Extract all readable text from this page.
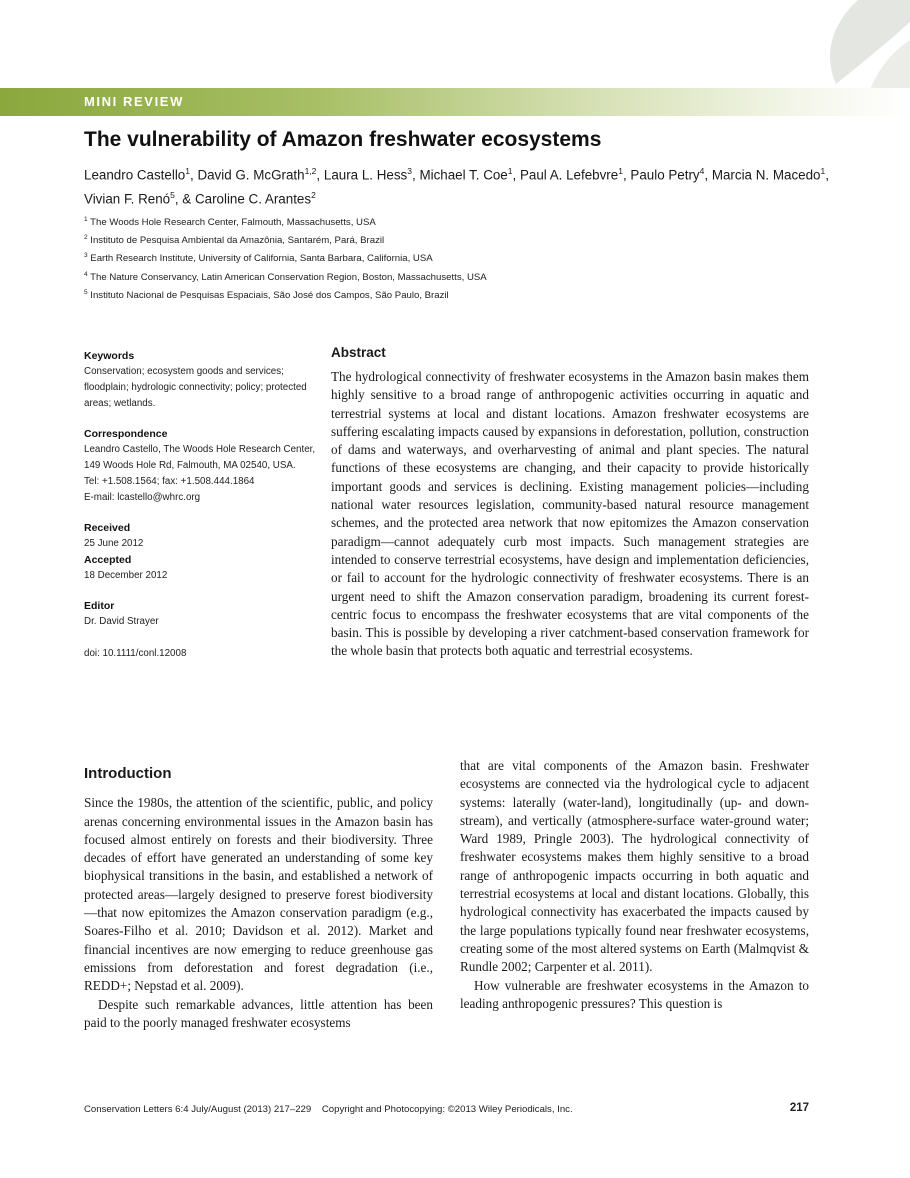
MINI REVIEW
The vulnerability of Amazon freshwater ecosystems

Leandro Castello$^1$, David G. McGrath$^{1,2}$, Laura L. Hess$^3$, Michael T. Coe$^1$, Paul A. Lefebvre$^1$, Paulo Petry$^4$, Marcia N. Macedo$^1$, Vivian F. Renó$^5$, & Caroline C. Arantes$^2$

$^1$ The Woods Hole Research Center, Falmouth, Massachusetts, USA
$^2$ Instituto de Pesquisa Ambiental da Amazônia, Santarém, Pará, Brazil
$^3$ Earth Research Institute, University of California, Santa Barbara, California, USA
$^4$ The Nature Conservancy, Latin American Conservation Region, Boston, Massachusetts, USA
$^5$ Instituto Nacional de Pesquisas Espaciais, São José dos Campos, São Paulo, Brazil
Keywords

Conservation; ecosystem goods and services; floodplain; hydrologic connectivity; policy; protected areas; wetlands.

Correspondence

Leandro Castello, The Woods Hole Research Center, 149 Woods Hole Rd, Falmouth, MA 02540, USA.

Tel: +1.508.1564; fax: +1.508.444.1864

E-mail: lcastello@whrc.org

Received

25 June 2012

Accepted

18 December 2012

Editor

Dr. David Strayer

doi: 10.1111/conl.12008

Abstract

The hydrological connectivity of freshwater ecosystems in the Amazon basin makes them highly sensitive to a broad range of anthropogenic activities occurring in aquatic and terrestrial systems at local and distant locations. Amazon freshwater ecosystems are suffering escalating impacts caused by expansions in deforestation, pollution, construction of dams and waterways, and overharvesting of animal and plant species. The natural functions of these ecosystems are changing, and their capacity to provide historically important goods and services is declining. Existing management policies—including national water resources legislation, community-based natural resource management schemes, and the protected area network that now epitomizes the Amazon conservation paradigm—cannot adequately curb most impacts. Such management strategies are intended to conserve terrestrial ecosystems, have design and implementation deficiencies, or fail to account for the hydrologic connectivity of freshwater ecosystems. There is an urgent need to shift the Amazon conservation paradigm, broadening its current forest-centric focus to encompass the freshwater ecosystems that are vital components of the basin. This is possible by developing a river catchment-based conservation framework for the whole basin that protects both aquatic and terrestrial ecosystems.

Introduction

Since the 1980s, the attention of the scientific, public, and policy arenas concerning environmental issues in the Amazon basin has focused almost entirely on forests and their biodiversity. Three decades of effort have generated an understanding of some key biophysical transitions in the basin, and established a network of protected areas—largely designed to preserve forest biodiversity—that now epitomizes the Amazon conservation paradigm (e.g., Soares-Filho et al. 2010; Davidson et al. 2012). Market and financial incentives are now emerging to reduce greenhouse gas emissions from deforestation and forest degradation (i.e., REDD+; Nepstad et al. 2009).

Despite such remarkable advances, little attention has been paid to the poorly managed freshwater ecosystems

that are vital components of the Amazon basin. Freshwater ecosystems are connected via the hydrological cycle to adjacent systems: laterally (water-land), longitudinally (up- and down-stream), and vertically (atmosphere-surface water-ground water; Ward 1989, Pringle 2003). The hydrological connectivity of freshwater ecosystems makes them highly sensitive to a broad range of anthropogenic impacts occurring in both aquatic and terrestrial ecosystems at local and distant locations. Globally, this hydrological connectivity has exacerbated the impacts caused by the large populations typically found near freshwater ecosystems, creating some of the most altered systems on Earth (Malmqvist & Rundle 2002; Carpenter et al. 2011).

How vulnerable are freshwater ecosystems in the Amazon to leading anthropogenic pressures? This question is

Conservation Letters 6:4 July/August (2013) 217–229    Copyright and Photocopying: ©2013 Wiley Periodicals, Inc.	217
